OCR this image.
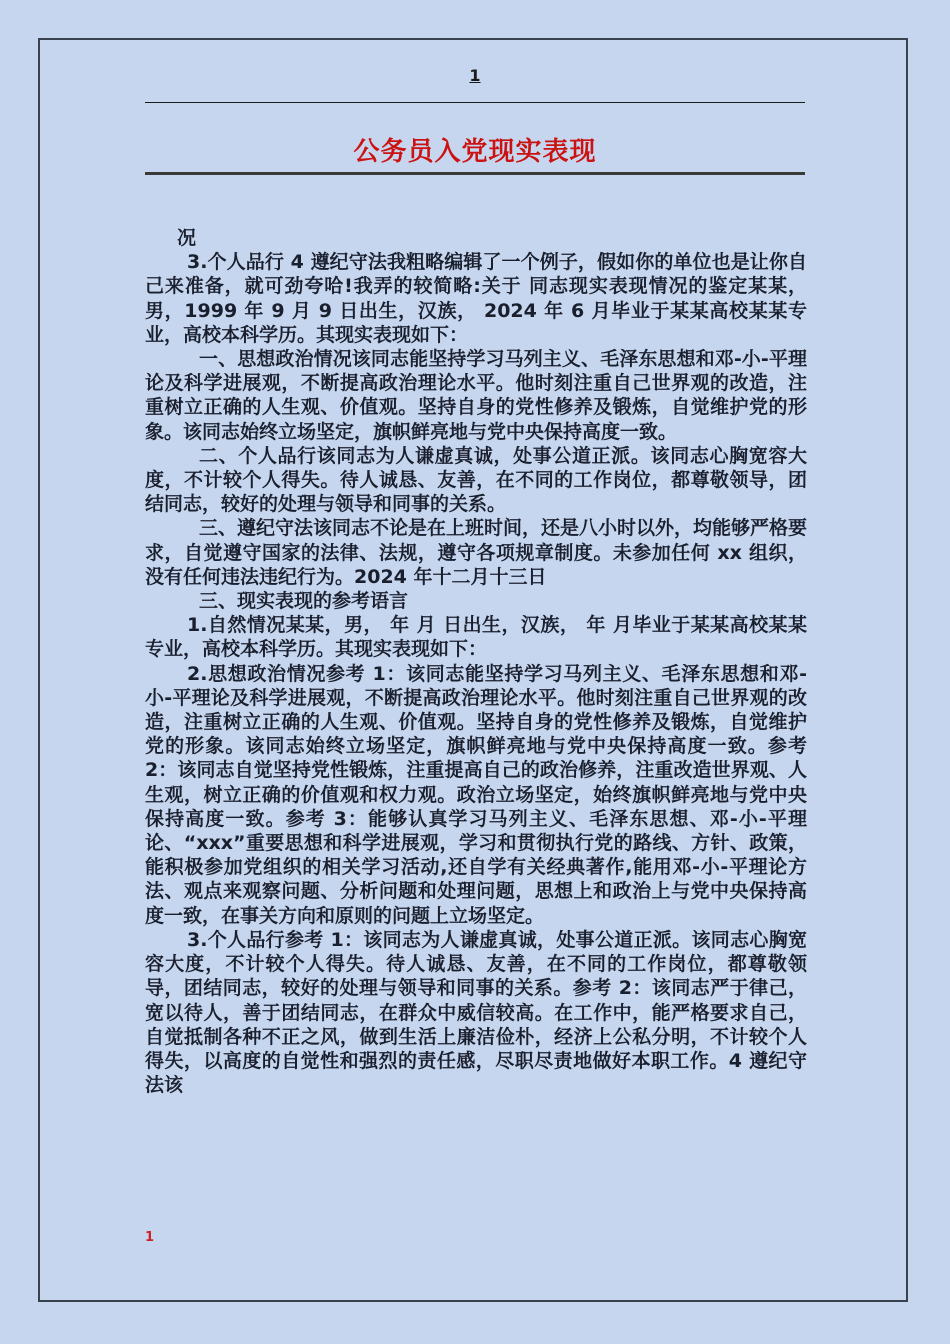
1
公务员入党现实表现

况

3.个人品行 4 遵纪守法我粗略编辑了一个例子，假如你的单位也是让你自己来准备，就可劲夸哈!我弄的较简略:关于 同志现实表现情况的鉴定某某，男，1999 年 9 月 9 日出生，汉族， 2024 年 6 月毕业于某某高校某某专业，高校本科学历。其现实表现如下：

一、思想政治情况该同志能坚持学习马列主义、毛泽东思想和邓-小-平理论及科学进展观，不断提高政治理论水平。他时刻注重自己世界观的改造，注重树立正确的人生观、价值观。坚持自身的党性修养及锻炼，自觉维护党的形象。该同志始终立场坚定，旗帜鲜亮地与党中央保持高度一致。

二、个人品行该同志为人谦虚真诚，处事公道正派。该同志心胸宽容大度，不计较个人得失。待人诚恳、友善，在不同的工作岗位，都尊敬领导，团结同志，较好的处理与领导和同事的关系。

三、遵纪守法该同志不论是在上班时间，还是八小时以外，均能够严格要求，自觉遵守国家的法律、法规，遵守各项规章制度。未参加任何 xx 组织，没有任何违法违纪行为。2024 年十二月十三日

三、现实表现的参考语言

1.自然情况某某，男， 年 月 日出生，汉族， 年 月毕业于某某高校某某专业，高校本科学历。其现实表现如下：

2.思想政治情况参考 1：该同志能坚持学习马列主义、毛泽东思想和邓-小-平理论及科学进展观，不断提高政治理论水平。他时刻注重自己世界观的改造，注重树立正确的人生观、价值观。坚持自身的党性修养及锻炼，自觉维护党的形象。该同志始终立场坚定，旗帜鲜亮地与党中央保持高度一致。参考 2：该同志自觉坚持党性锻炼，注重提高自己的政治修养，注重改造世界观、人生观，树立正确的价值观和权力观。政治立场坚定，始终旗帜鲜亮地与党中央保持高度一致。参考 3：能够认真学习马列主义、毛泽东思想、邓-小-平理论、“xxx”重要思想和科学进展观，学习和贯彻执行党的路线、方针、政策，能积极参加党组织的相关学习活动,还自学有关经典著作,能用邓-小-平理论方法、观点来观察问题、分析问题和处理问题，思想上和政治上与党中央保持高度一致，在事关方向和原则的问题上立场坚定。

3.个人品行参考 1：该同志为人谦虚真诚，处事公道正派。该同志心胸宽容大度，不计较个人得失。待人诚恳、友善，在不同的工作岗位，都尊敬领导，团结同志，较好的处理与领导和同事的关系。参考 2：该同志严于律己，宽以待人，善于团结同志，在群众中威信较高。在工作中，能严格要求自己，自觉抵制各种不正之风，做到生活上廉洁俭朴，经济上公私分明，不计较个人得失，以高度的自觉性和强烈的责任感，尽职尽责地做好本职工作。4 遵纪守法该

1
